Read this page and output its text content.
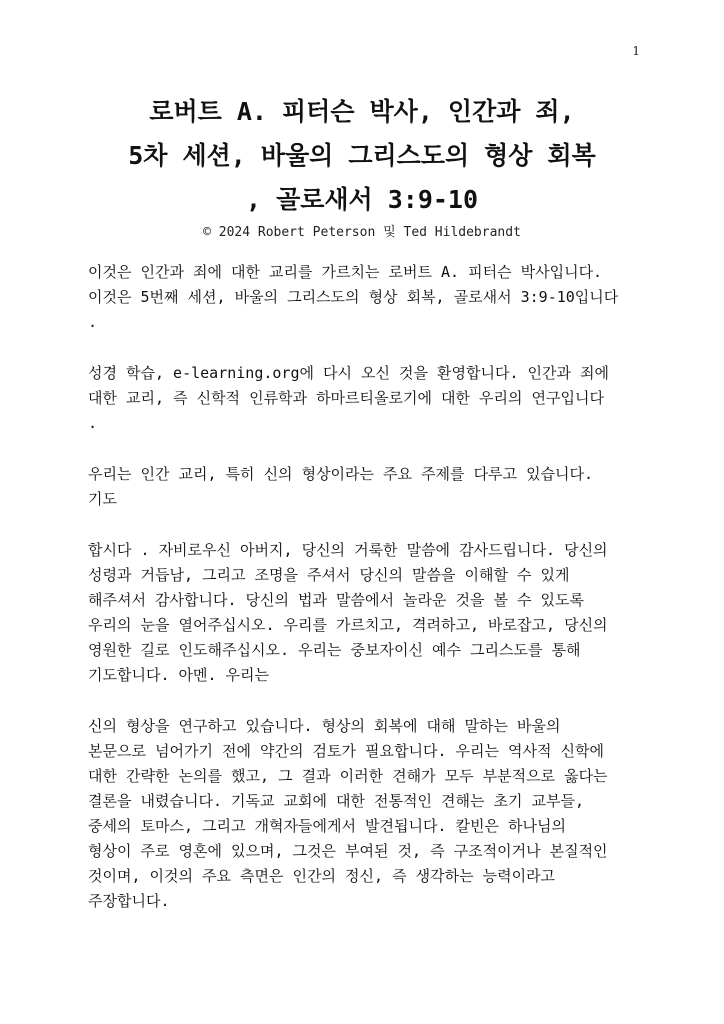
1
로버트 A. 피터슨 박사, 인간과 죄,
5차 세션, 바울의 그리스도의 형상 회복
, 골로새서 3:9-10
© 2024 Robert Peterson 및 Ted Hildebrandt
이것은 인간과 죄에 대한 교리를 가르치는 로버트 A. 피터슨 박사입니다.
이것은 5번째 세션, 바울의 그리스도의 형상 회복, 골로새서 3:9-10입니다
.
성경 학습, e-learning.org에 다시 오신 것을 환영합니다. 인간과 죄에
대한 교리, 즉 신학적 인류학과 하마르티올로기에 대한 우리의 연구입니다
.
우리는 인간 교리, 특히 신의 형상이라는 주요 주제를 다루고 있습니다.
기도
합시다 . 자비로우신 아버지, 당신의 거룩한 말씀에 감사드립니다. 당신의
성령과 거듭남, 그리고 조명을 주셔서 당신의 말씀을 이해할 수 있게
해주셔서 감사합니다. 당신의 법과 말씀에서 놀라운 것을 볼 수 있도록
우리의 눈을 열어주십시오. 우리를 가르치고, 격려하고, 바로잡고, 당신의
영원한 길로 인도해주십시오. 우리는 중보자이신 예수 그리스도를 통해
기도합니다. 아멘. 우리는
신의 형상을 연구하고 있습니다. 형상의 회복에 대해 말하는 바울의
본문으로 넘어가기 전에 약간의 검토가 필요합니다. 우리는 역사적 신학에
대한 간략한 논의를 했고, 그 결과 이러한 견해가 모두 부분적으로 옳다는
결론을 내렸습니다. 기독교 교회에 대한 전통적인 견해는 초기 교부들,
중세의 토마스, 그리고 개혁자들에게서 발견됩니다. 칼빈은 하나님의
형상이 주로 영혼에 있으며, 그것은 부여된 것, 즉 구조적이거나 본질적인
것이며, 이것의 주요 측면은 인간의 정신, 즉 생각하는 능력이라고
주장합니다.
